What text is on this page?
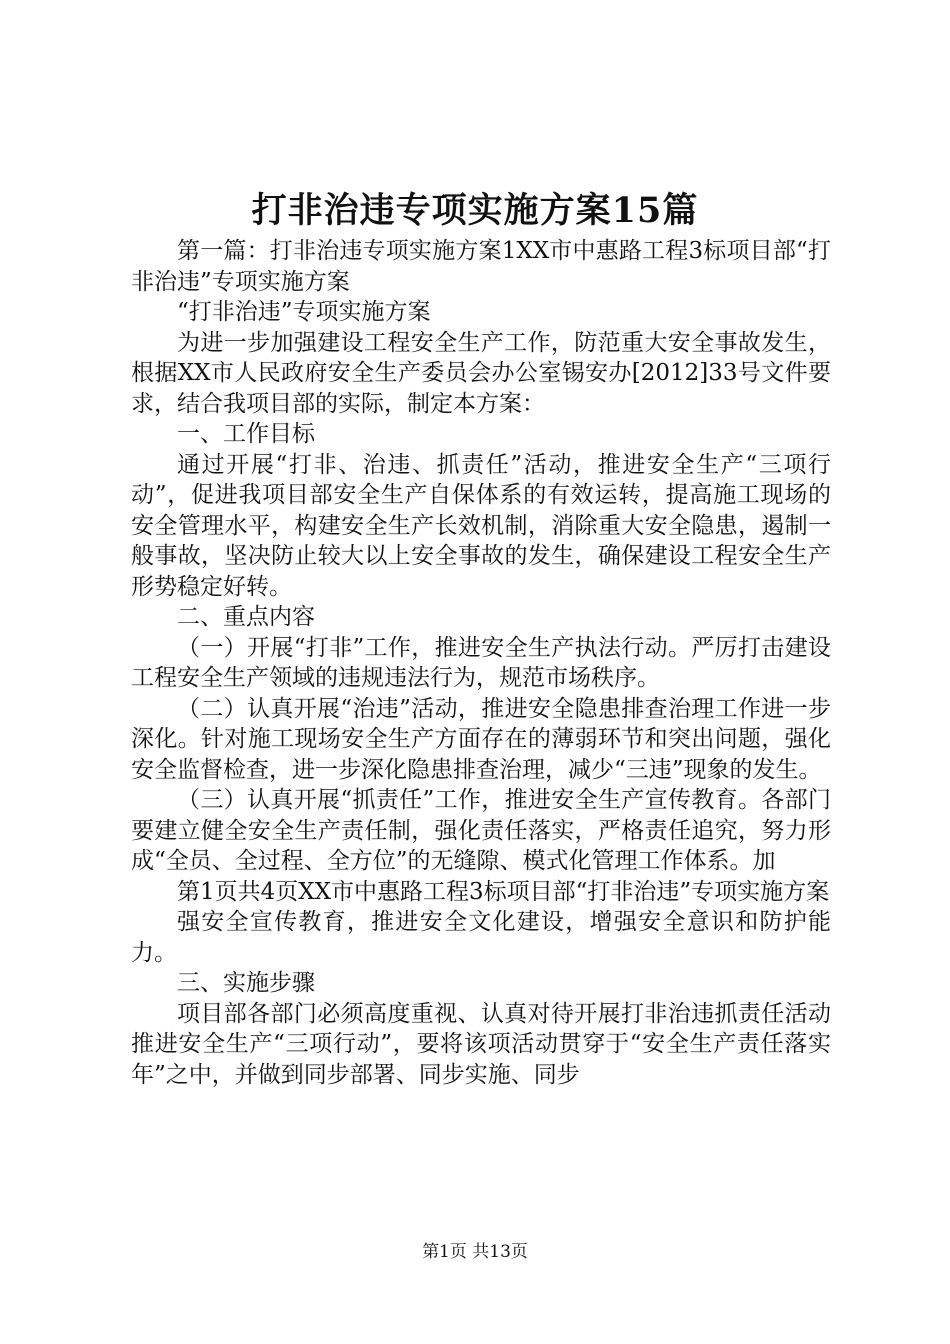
打非治违专项实施方案15篇

第一篇：打非治违专项实施方案1XX市中惠路工程3标项目部“打非治违”专项实施方案

“打非治违”专项实施方案

为进一步加强建设工程安全生产工作，防范重大安全事故发生，根据XX市人民政府安全生产委员会办公室锡安办[2012]33号文件要求，结合我项目部的实际，制定本方案：

一、工作目标

通过开展“打非、治违、抓责任”活动，推进安全生产“三项行动”，促进我项目部安全生产自保体系的有效运转，提高施工现场的安全管理水平，构建安全生产长效机制，消除重大安全隐患，遏制一般事故，坚决防止较大以上安全事故的发生，确保建设工程安全生产形势稳定好转。

二、重点内容

（一）开展“打非”工作，推进安全生产执法行动。严厉打击建设工程安全生产领域的违规违法行为，规范市场秩序。

（二）认真开展“治违”活动，推进安全隐患排查治理工作进一步深化。针对施工现场安全生产方面存在的薄弱环节和突出问题，强化安全监督检查，进一步深化隐患排查治理，减少“三违”现象的发生。

（三）认真开展“抓责任”工作，推进安全生产宣传教育。各部门要建立健全安全生产责任制，强化责任落实，严格责任追究，努力形成“全员、全过程、全方位”的无缝隙、模式化管理工作体系。加

第1页共4页XX市中惠路工程3标项目部“打非治违”专项实施方案

强安全宣传教育，推进安全文化建设，增强安全意识和防护能力。

三、实施步骤

项目部各部门必须高度重视、认真对待开展打非治违抓责任活动推进安全生产“三项行动”，要将该项活动贯穿于“安全生产责任落实年”之中，并做到同步部署、同步实施、同步

第1页 共13页
